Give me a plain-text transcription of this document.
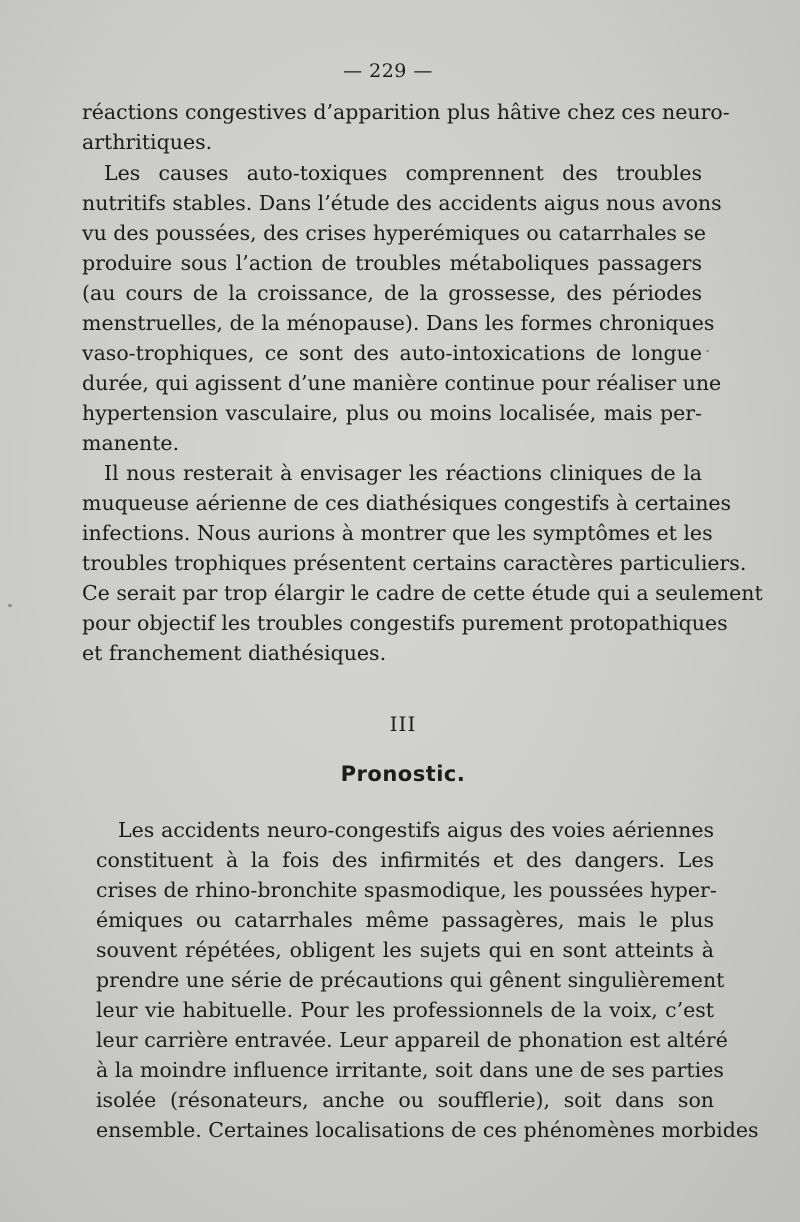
— 229 —
réactions congestives d’apparition plus hâtive chez ces neuro-
arthritiques.
Les causes auto-toxiques comprennent des troubles
nutritifs stables. Dans l’étude des accidents aigus nous avons
vu des poussées, des crises hyperémiques ou catarrhales se
produire sous l’action de troubles métaboliques passagers
(au cours de la croissance, de la grossesse, des périodes
menstruelles, de la ménopause). Dans les formes chroniques
vaso-trophiques, ce sont des auto-intoxications de longue
durée, qui agissent d’une manière continue pour réaliser une
hypertension vasculaire, plus ou moins localisée, mais per-
manente.
Il nous resterait à envisager les réactions cliniques de la
muqueuse aérienne de ces diathésiques congestifs à certaines
infections. Nous aurions à montrer que les symptômes et les
troubles trophiques présentent certains caractères particuliers.
Ce serait par trop élargir le cadre de cette étude qui a seulement
pour objectif les troubles congestifs purement protopathiques
et franchement diathésiques.
III
Pronostic.
Les accidents neuro-congestifs aigus des voies aériennes
constituent à la fois des infirmités et des dangers. Les
crises de rhino-bronchite spasmodique, les poussées hyper-
émiques ou catarrhales même passagères, mais le plus
souvent répétées, obligent les sujets qui en sont atteints à
prendre une série de précautions qui gênent singulièrement
leur vie habituelle. Pour les professionnels de la voix, c’est
leur carrière entravée. Leur appareil de phonation est altéré
à la moindre influence irritante, soit dans une de ses parties
isolée (résonateurs, anche ou soufflerie), soit dans son
ensemble. Certaines localisations de ces phénomènes morbides
